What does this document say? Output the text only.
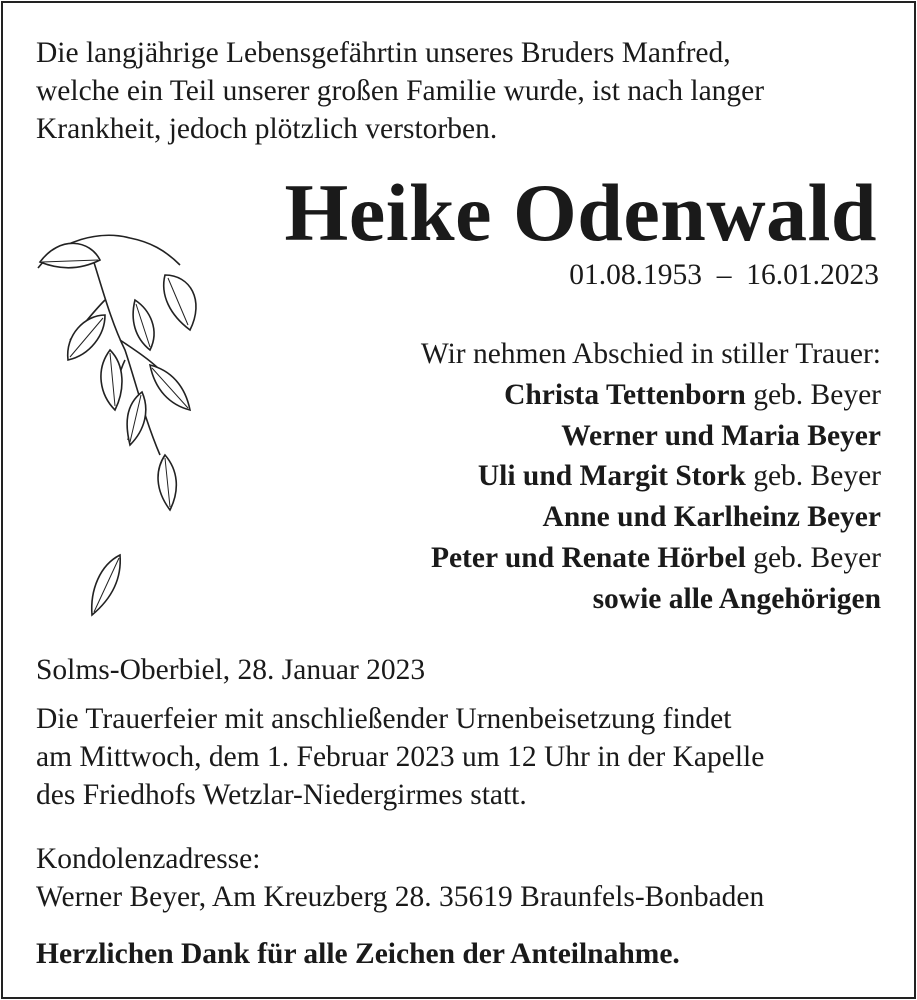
Die langjährige Lebensgefährtin unseres Bruders Manfred,
welche ein Teil unserer großen Familie wurde, ist nach langer
Krankheit, jedoch plötzlich verstorben.
Heike Odenwald
01.08.1953 – 16.01.2023
Wir nehmen Abschied in stiller Trauer:
Christa Tettenborn geb. Beyer
Werner und Maria Beyer
Uli und Margit Stork geb. Beyer
Anne und Karlheinz Beyer
Peter und Renate Hörbel geb. Beyer
sowie alle Angehörigen
Solms-Oberbiel, 28. Januar 2023
Die Trauerfeier mit anschließender Urnenbeisetzung findet
am Mittwoch, dem 1. Februar 2023 um 12 Uhr in der Kapelle
des Friedhofs Wetzlar-Niedergirmes statt.
Kondolenzadresse:
Werner Beyer, Am Kreuzberg 28. 35619 Braunfels-Bonbaden
Herzlichen Dank für alle Zeichen der Anteilnahme.
